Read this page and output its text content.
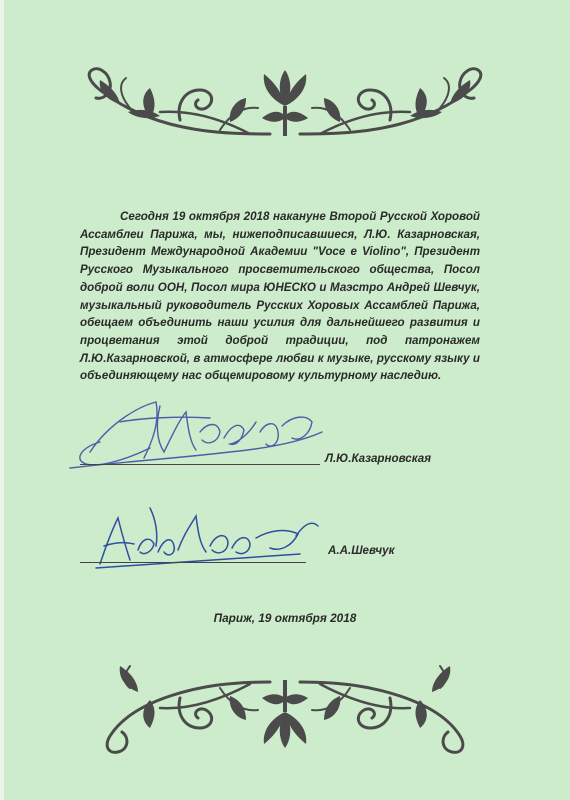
Сегодня 19 октября 2018 накануне Второй Русской Хоровой Ассамблеи Парижа, мы, нижеподписавшиеся, Л.Ю. Казарновская, Президент Международной Академии "Voce e Violino", Президент Русского Музыкального просветительского общества, Посол доброй воли ООН, Посол мира ЮНЕСКО и Маэстро Андрей Шевчук, музыкальный руководитель Русских Хоровых Ассамблей Парижа, обещаем объединить наши усилия для дальнейшего развития и процветания этой доброй традиции, под патронажем Л.Ю.Казарновской, в атмосфере любви к музыке, русскому языку и объединяющему нас общемировому культурному наследию.

Л.Ю.Казарновская
А.А.Шевчук
Париж, 19 октября 2018
